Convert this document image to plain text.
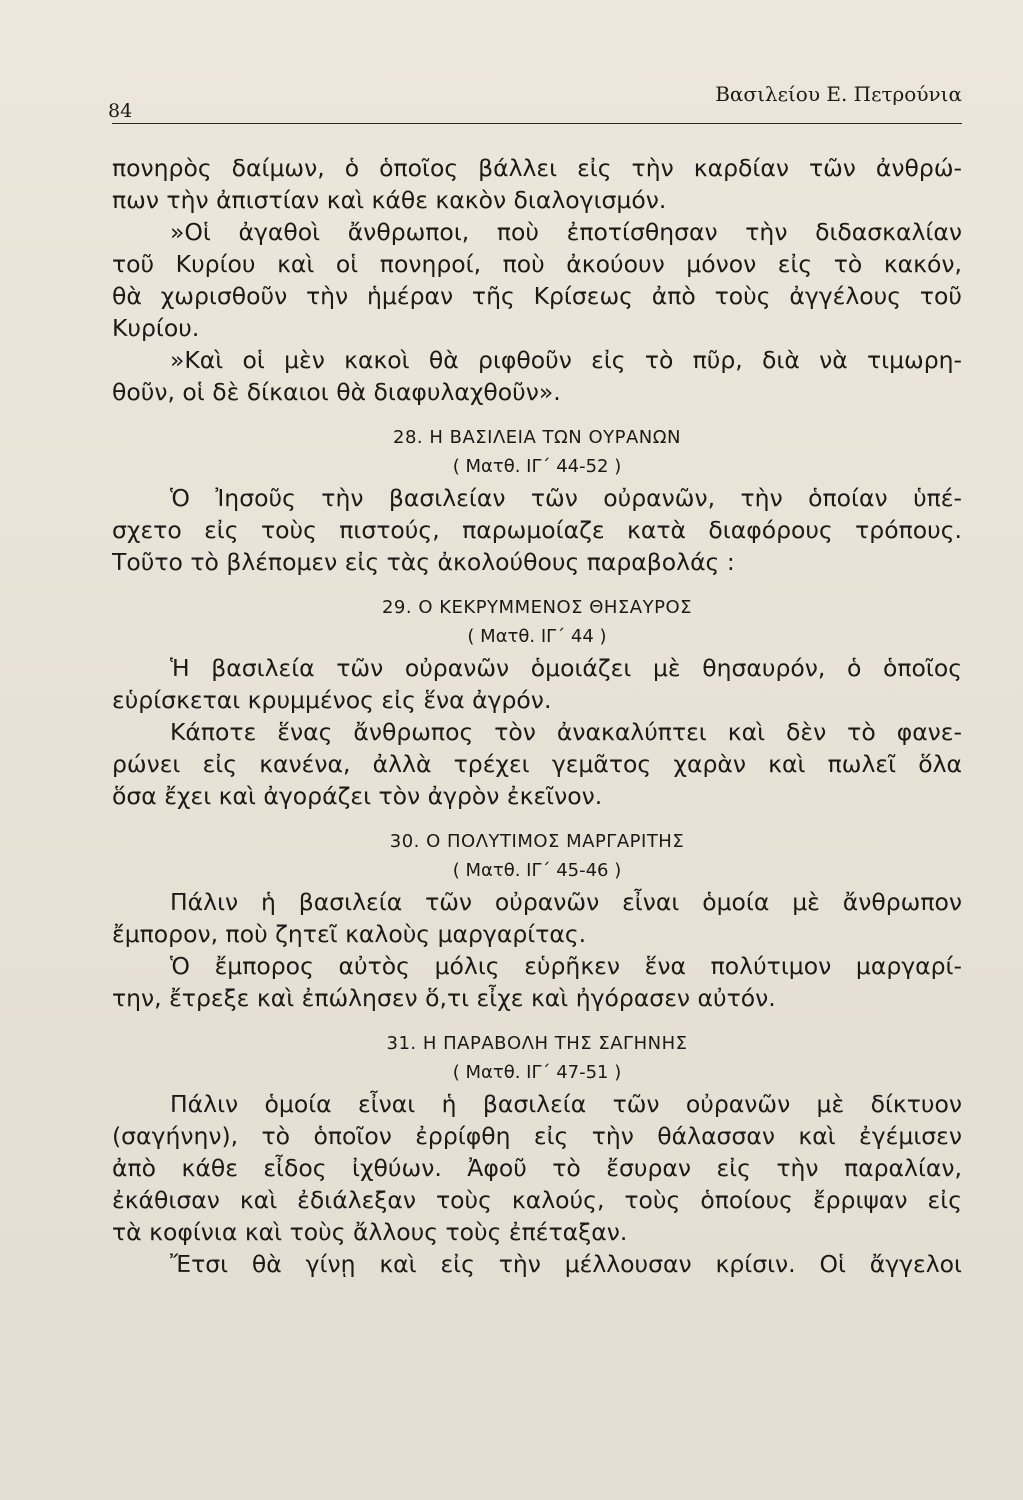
84
Βασιλείου Ε. Πετρούνια
πονηρὸς δαίμων, ὁ ὁποῖος βάλλει εἰς τὴν καρδίαν τῶν ἀνθρώ-
πων τὴν ἀπιστίαν καὶ κάθε κακὸν διαλογισμόν.
»Οἱ ἀγαθοὶ ἄνθρωποι, ποὺ ἐποτίσθησαν τὴν διδασκαλίαν
τοῦ Κυρίου καὶ οἱ πονηροί, ποὺ ἀκούουν μόνον εἰς τὸ κακόν,
θὰ χωρισθοῦν τὴν ἡμέραν τῆς Κρίσεως ἀπὸ τοὺς ἀγγέλους τοῦ
Κυρίου.
»Καὶ οἱ μὲν κακοὶ θὰ ριφθοῦν εἰς τὸ πῦρ, διὰ νὰ τιμωρη-
θοῦν, οἱ δὲ δίκαιοι θὰ διαφυλαχθοῦν».
28. Η ΒΑΣΙΛΕΙΑ ΤΩΝ ΟΥΡΑΝΩΝ
( Ματθ. ΙΓ΄ 44-52 )
Ὁ Ἰησοῦς τὴν βασιλείαν τῶν οὐρανῶν, τὴν ὁποίαν ὑπέ-
σχετο εἰς τοὺς πιστούς, παρωμοίαζε κατὰ διαφόρους τρόπους.
Τοῦτο τὸ βλέπομεν εἰς τὰς ἀκολούθους παραβολάς :
29. Ο ΚΕΚΡΥΜΜΕΝΟΣ ΘΗΣΑΥΡΟΣ
( Ματθ. ΙΓ΄ 44 )
Ἡ βασιλεία τῶν οὐρανῶν ὁμοιάζει μὲ θησαυρόν, ὁ ὁποῖος
εὑρίσκεται κρυμμένος εἰς ἕνα ἀγρόν.
Κάποτε ἕνας ἄνθρωπος τὸν ἀνακαλύπτει καὶ δὲν τὸ φανε-
ρώνει εἰς κανένα, ἀλλὰ τρέχει γεμᾶτος χαρὰν καὶ πωλεῖ ὅλα
ὅσα ἔχει καὶ ἀγοράζει τὸν ἀγρὸν ἐκεῖνον.
30. Ο ΠΟΛΥΤΙΜΟΣ ΜΑΡΓΑΡΙΤΗΣ
( Ματθ. ΙΓ΄ 45-46 )
Πάλιν ἡ βασιλεία τῶν οὐρανῶν εἶναι ὁμοία μὲ ἄνθρωπον
ἔμπορον, ποὺ ζητεῖ καλοὺς μαργαρίτας.
Ὁ ἔμπορος αὐτὸς μόλις εὑρῆκεν ἕνα πολύτιμον μαργαρί-
την, ἔτρεξε καὶ ἐπώλησεν ὅ,τι εἶχε καὶ ἠγόρασεν αὐτόν.
31. Η ΠΑΡΑΒΟΛΗ ΤΗΣ ΣΑΓΗΝΗΣ
( Ματθ. ΙΓ΄ 47-51 )
Πάλιν ὁμοία εἶναι ἡ βασιλεία τῶν οὐρανῶν μὲ δίκτυον
(σαγήνην), τὸ ὁποῖον ἐρρίφθη εἰς τὴν θάλασσαν καὶ ἐγέμισεν
ἀπὸ κάθε εἶδος ἰχθύων. Ἀφοῦ τὸ ἔσυραν εἰς τὴν παραλίαν,
ἐκάθισαν καὶ ἐδιάλεξαν τοὺς καλούς, τοὺς ὁποίους ἔρριψαν εἰς
τὰ κοφίνια καὶ τοὺς ἄλλους τοὺς ἐπέταξαν.
Ἔτσι θὰ γίνῃ καὶ εἰς τὴν μέλλουσαν κρίσιν. Οἱ ἄγγελοι
